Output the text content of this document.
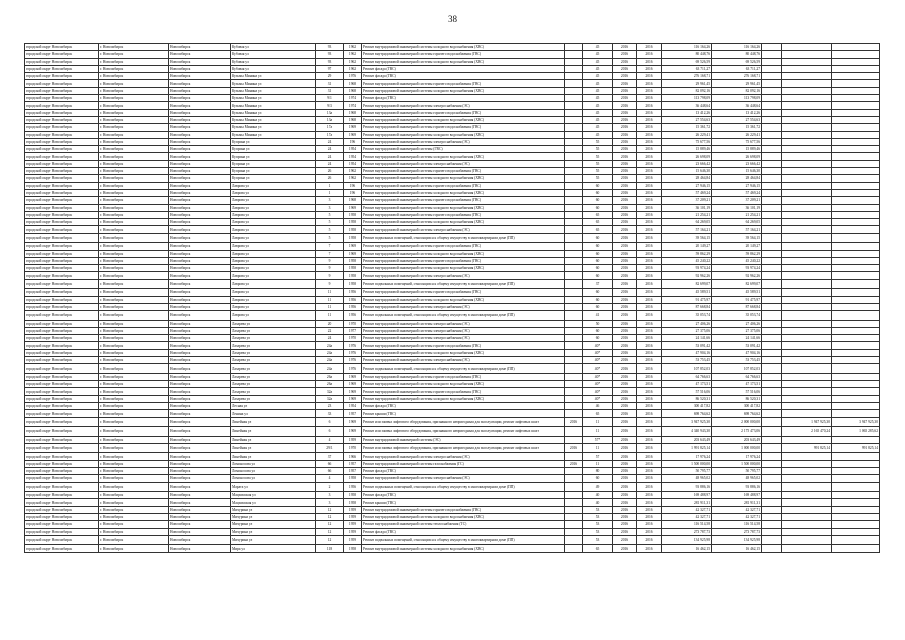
38
городской округ Новосибирск	г. Новосибирск	Новосибирск	Кубовая ул	93	1962	Ремонт внутридомовой инженерной системы холодного водоснабжения (ХВС)		45	2016	2016	116 164,26	116 164,26			
городской округ Новосибирск	г. Новосибирск	Новосибирск	Кубовая ул	93	1962	Ремонт внутридомовой инженерной системы горячего водоснабжения (ГВС)		45	2016	2016	80 448,76	80 448,76			
городской округ Новосибирск	г. Новосибирск	Новосибирск	Кубовая ул	93	1962	Ремонт внутридомовой инженерной системы холодного водоснабжения (ХВС)		45	2016	2016	69 526,59	69 526,59			
городской округ Новосибирск	г. Новосибирск	Новосибирск	Кубовая ул	97	1962	Ремонт фасада (ГВС)		45	2016	2016	63 711,27	63 711,27			
городской округ Новосибирск	г. Новосибирск	Новосибирск	Кузьмы Минина ул	29	1976	Ремонт фасада (ГВС)		45	2016	2016	276 168,71	276 168,71			
городской округ Новосибирск	г. Новосибирск	Новосибирск	Кузьмы Минина ул	31	1968	Ремонт внутридомовой инженерной системы горячего водоснабжения (ГВС)		45	2016	2016	29 961,45	29 961,45			
городской округ Новосибирск	г. Новосибирск	Новосибирск	Кузьмы Минина ул	31	1968	Ремонт внутридомовой инженерной системы холодного водоснабжения (ХВС)		45	2016	2016	82 092,16	82 092,16			
городской округ Новосибирск	г. Новосибирск	Новосибирск	Кузьмы Минина ул	9/1	1974	Ремонт фасада (ГВС)		45	2016	2016	113 798,09	113 798,09			
городской округ Новосибирск	г. Новосибирск	Новосибирск	Кузьмы Минина ул	9/3	1974	Ремонт внутридомовой инженерной системы электроснабжения (ЭС)		45	2016	2016	36 448,64	36 448,64			
городской округ Новосибирск	г. Новосибирск	Новосибирск	Кузьмы Минина ул	13а	1968	Ремонт внутридомовой инженерной системы горячего водоснабжения (ГВС)		45	2016	2016	13 412,26	13 412,26			
городской округ Новосибирск	г. Новосибирск	Новосибирск	Кузьмы Минина ул	13а	1968	Ремонт внутридомовой инженерной системы холодного водоснабжения (ХВС)		45	2016	2016	27 554,63	27 554,63			
городской округ Новосибирск	г. Новосибирск	Новосибирск	Кузьмы Минина ул	17а	1969	Ремонт внутридомовой инженерной системы горячего водоснабжения (ГВС)		45	2016	2016	15 361,72	15 361,72			
городской округ Новосибирск	г. Новосибирск	Новосибирск	Кузьмы Минина ул	17а	1969	Ремонт внутридомовой инженерной системы холодного водоснабжения (ХВС)		45	2016	2016	26 229,41	26 229,41			
городской округ Новосибирск	г. Новосибирск	Новосибирск	Куприна ул	24	196	Ремонт внутридомовой инженерной системы электроснабжения (ЭС)		55	2016	2016	75 677,56	75 677,56			
городской округ Новосибирск	г. Новосибирск	Новосибирск	Куприна ул	24	1954	Ремонт внутридомовой инженерной системы (ГВС)		55	2016	2016	15 889,46	15 889,46			
городской округ Новосибирск	г. Новосибирск	Новосибирск	Куприна ул	24	1954	Ремонт внутридомовой инженерной системы холодного водоснабжения (ХВС)		55	2016	2016	26 698,09	26 698,09			
городской округ Новосибирск	г. Новосибирск	Новосибирск	Куприна ул	24	1954	Ремонт внутридомовой инженерной системы электроснабжения (ЭС)		55	2016	2016	23 666,42	23 666,42			
городской округ Новосибирск	г. Новосибирск	Новосибирск	Куприна ул	26	1962	Ремонт внутридомовой инженерной системы горячего водоснабжения (ГВС)		55	2016	2016	15 646,30	15 646,30			
городской округ Новосибирск	г. Новосибирск	Новосибирск	Куприна ул	26	1962	Ремонт внутридомовой инженерной системы холодного водоснабжения (ХВС)		55	2016	2016	28 464,84	28 464,84			
городской округ Новосибирск	г. Новосибирск	Новосибирск	Лаврова ул	1	196	Ремонт внутридомовой инженерной системы горячего водоснабжения (ГВС)		60	2016	2016	27 946,15	27 946,15			
городской округ Новосибирск	г. Новосибирск	Новосибирск	Лаврова ул	1	196	Ремонт внутридомовой инженерной системы холодного водоснабжения (ХВС)		60	2016	2016	57 469,24	57 469,24			
городской округ Новосибирск	г. Новосибирск	Новосибирск	Лаврова ул	3	1968	Ремонт внутридомовой инженерной системы горячего водоснабжения (ГВС)		60	2016	2016	37 209,21	37 209,21			
городской округ Новосибирск	г. Новосибирск	Новосибирск	Лаврова ул	3	1969	Ремонт внутридомовой инженерной системы холодного водоснабжения (ХВС)		60	2016	2016	36 101,19	36 101,19			
городской округ Новосибирск	г. Новосибирск	Новосибирск	Лаврова ул	5	1958	Ремонт внутридомовой инженерной системы горячего водоснабжения (ГВС)		65	2016	2016	21 254,21	21 254,21			
городской округ Новосибирск	г. Новосибирск	Новосибирск	Лаврова ул	5	1958	Ремонт внутридомовой инженерной системы холодного водоснабжения (ХВС)		65	2016	2016	64 269,05	64 269,05			
городской округ Новосибирск	г. Новосибирск	Новосибирск	Лаврова ул	5	1958	Ремонт внутридомовой инженерной системы электроснабжения (ЭС)		65	2016	2016	57 164,21	57 164,21			
городской округ Новосибирск	г. Новосибирск	Новосибирск	Лаврова ул	5	1958	Ремонт подвальных помещений, относящихся к общему имуществу в многоквартирном доме (ПП)		60	2016	2016	39 564,15	39 564,15			
городской округ Новосибирск	г. Новосибирск	Новосибирск	Лаврова ул	7	1969	Ремонт внутридомовой инженерной системы горячего водоснабжения (ГВС)		60	2016	2016	20 149,27	20 149,27			
городской округ Новосибирск	г. Новосибирск	Новосибирск	Лаврова ул	7	1969	Ремонт внутридомовой инженерной системы холодного водоснабжения (ХВС)		60	2016	2016	59 862,29	59 862,29			
городской округ Новосибирск	г. Новосибирск	Новосибирск	Лаврова ул	9	1958	Ремонт внутридомовой инженерной системы горячего водоснабжения (ГВС)		60	2016	2016	45 240,22	45 240,22			
городской округ Новосибирск	г. Новосибирск	Новосибирск	Лаврова ул	9	1958	Ремонт внутридомовой инженерной системы холодного водоснабжения (ХВС)		60	2016	2016	93 974,24	93 974,24			
городской округ Новосибирск	г. Новосибирск	Новосибирск	Лаврова ул	9	1958	Ремонт внутридомовой инженерной системы электроснабжения (ЭС)		60	2016	2016	92 962,26	92 962,26			
городской округ Новосибирск	г. Новосибирск	Новосибирск	Лаврова ул	9	1958	Ремонт подвальных помещений, относящихся к общему имуществу в многоквартирном доме (ПП)		37	2016	2016	82 699,07	82 699,07			
городской округ Новосибирск	г. Новосибирск	Новосибирск	Лаврова ул	11	1956	Ремонт внутридомовой инженерной системы горячего водоснабжения (ГВС)		60	2016	2016	45 589,51	45 589,51			
городской округ Новосибирск	г. Новосибирск	Новосибирск	Лаврова ул	11	1956	Ремонт внутридомовой инженерной системы холодного водоснабжения (ХВС)		60	2016	2016	91 475,97	91 475,97			
городской округ Новосибирск	г. Новосибирск	Новосибирск	Лаврова ул	11	1956	Ремонт внутридомовой инженерной системы электроснабжения (ЭС)		60	2016	2016	87 668,84	87 668,84			
городской округ Новосибирск	г. Новосибирск	Новосибирск	Лаврова ул	11	1956	Ремонт подвальных помещений, относящихся к общему имуществу в многоквартирном доме (ПП)		41	2016	2016	35 053,74	35 053,74			
городской округ Новосибирск	г. Новосибирск	Новосибирск	Лазарева ул	20	1970	Ремонт внутридомовой инженерной системы электроснабжения (ЭС)		50	2016	2016	27 406,26	27 406,26			
городской округ Новосибирск	г. Новосибирск	Новосибирск	Лазарева ул	22	1977	Ремонт внутридомовой инженерной системы электроснабжения (ЭС)		60	2016	2016	27 375,06	27 375,06			
городской округ Новосибирск	г. Новосибирск	Новосибирск	Лазарева ул	24	1970	Ремонт внутридомовой инженерной системы электроснабжения (ЭС)		60	2016	2016	24 141,66	24 141,66			
городской округ Новосибирск	г. Новосибирск	Новосибирск	Лазарева ул	24а	1976	Ремонт внутридомовой инженерной системы горячего водоснабжения (ГВС)		40*	2016	2016	53 091,42	53 091,42			
городской округ Новосибирск	г. Новосибирск	Новосибирск	Лазарева ул	24а	1976	Ремонт внутридомовой инженерной системы холодного водоснабжения (ХВС)		40*	2016	2016	47 904,16	47 904,16			
городской округ Новосибирск	г. Новосибирск	Новосибирск	Лазарева ул	24а	1976	Ремонт внутридомовой инженерной системы электроснабжения (ЭС)		40*	2016	2016	53 753,45	53 753,45			
городской округ Новосибирск	г. Новосибирск	Новосибирск	Лазарева ул	24а	1976	Ремонт подвальных помещений, относящихся к общему имуществу в многоквартирном доме (ПП)		40*	2016	2016	107 852,03	107 852,03			
городской округ Новосибирск	г. Новосибирск	Новосибирск	Лазарева ул	26а	1969	Ремонт внутридомовой инженерной системы горячего водоснабжения (ГВС)		40*	2016	2016	64 766,63	64 766,63			
городской округ Новосибирск	г. Новосибирск	Новосибирск	Лазарева ул	26а	1969	Ремонт внутридомовой инженерной системы холодного водоснабжения (ХВС)		40*	2016	2016	47 173,51	47 173,51			
городской округ Новосибирск	г. Новосибирск	Новосибирск	Лазарева ул	32а	1969	Ремонт внутридомовой инженерной системы горячего водоснабжения (ГВС)		40*	2016	2016	57 516,06	57 516,06			
городской округ Новосибирск	г. Новосибирск	Новосибирск	Лазарева ул	32а	1969	Ремонт внутридомовой инженерной системы холодного водоснабжения (ХВС)		40*	2016	2016	86 520,31	86 520,31			
городской округ Новосибирск	г. Новосибирск	Новосибирск	Лесная ул	23	1954	Ремонт фасада (ГВС)		46	2016	2016	300 417,82	300 417,82			
городской округ Новосибирск	г. Новосибирск	Новосибирск	Ленина ул	33	1957	Ремонт крыши (ГВС)		65	2016	2016	698 764,62	698 764,62			
городской округ Новосибирск	г. Новосибирск	Новосибирск	Линейная ул	6	1969	Ремонт или замена лифтового оборудования, признанного непригодным для эксплуатации, ремонт лифтовых шахт	2016	11	2016	2016	3 947 925,30	2 000 000,00		1 947 925,30	3 947 925,30
городской округ Новосибирск	г. Новосибирск	Новосибирск	Линейная ул	6	1969	Ремонт или замена лифтового оборудования, признанного непригодным для эксплуатации, ремонт лифтовых шахт		11	2016	2016	4 340 943,30	2 175 473,06		2 165 470,24	1 065 285,62
городской округ Новосибирск	г. Новосибирск	Новосибирск	Линейная ул	4	1959	Ремонт внутридомовой инженерной системы (ЭС)		57*	2016	2016	203 643,49	203 643,49			
городской округ Новосибирск	г. Новосибирск	Новосибирск	Линейная ул	29/1	1970	Ремонт или замена лифтового оборудования, признанного непригодным для эксплуатации, ремонт лифтовых шахт	2016	11	2016	2016	1 991 825,14	1 000 000,00		991 825,14	991 825,14
городской округ Новосибирск	г. Новосибирск	Новосибирск	Линейная ул	37	1966	Ремонт внутридомовой инженерной системы электроснабжения (ЭС)		57	2016	2016	17 976,24	17 976,24			
городской округ Новосибирск	г. Новосибирск	Новосибирск	Ломоносова ул	66	1957	Ремонт внутридомовой инженерной системы газоснабжения (ГС)	2016	11	2016	2016	1 500 000,00	1 500 000,00			
городской округ Новосибирск	г. Новосибирск	Новосибирск	Ломоносова ул	66	1957	Ремонт фасада (ГВС)		80	2016	2016	50 795,77	50 795,77			
городской округ Новосибирск	г. Новосибирск	Новосибирск	Ломоносова ул	4	1958	Ремонт внутридомовой инженерной системы электроснабжения (ЭС)		60	2016	2016	48 965,02	48 965,02			
городской округ Новосибирск	г. Новосибирск	Новосибирск	Марата ул	2	1956	Ремонт подвальных помещений, относящихся к общему имуществу в многоквартирном доме (ПП)		49	2016	2016	93 886,16	93 886,16			
городской округ Новосибирск	г. Новосибирск	Новосибирск	Мацхимская ул	3	1958	Ремонт фасада (ГВС)		40	2016	2016	169 488,97	169 488,97			
городской округ Новосибирск	г. Новосибирск	Новосибирск	Мацхимская ул	3	1958	Ремонт крыши (ГВС)		40	2016	2016	281 911,31	281 911,31			
городской округ Новосибирск	г. Новосибирск	Новосибирск	Мичурина ул	12	1959	Ремонт внутридомовой инженерной системы горячего водоснабжения (ГВС)		53	2016	2016	42 327,71	42 327,71			
городской округ Новосибирск	г. Новосибирск	Новосибирск	Мичурина ул	12	1959	Ремонт внутридомовой инженерной системы холодного водоснабжения (ХВС)		53	2016	2016	42 327,71	42 327,71			
городской округ Новосибирск	г. Новосибирск	Новосибирск	Мичурина ул	12	1959	Ремонт внутридомовой инженерной системы теплоснабжения (ТС)		53	2016	2016	116 514,58	116 514,58			
городской округ Новосибирск	г. Новосибирск	Новосибирск	Мичурина ул	12	1959	Ремонт фасада (ГВС)		53	2016	2016	273 787,73	273 787,73			
городской округ Новосибирск	г. Новосибирск	Новосибирск	Мичурина ул	12	1959	Ремонт подвальных помещений, относящихся к общему имуществу в многоквартирном доме (ПП)		53	2016	2016	134 925,98	134 925,98			
городской округ Новосибирск	г. Новосибирск	Новосибирск	Мира ул	118	1958	Ремонт внутридомовой инженерной системы холодного водоснабжения (ХВС)		65	2016	2016	16 462,15	16 462,15			
